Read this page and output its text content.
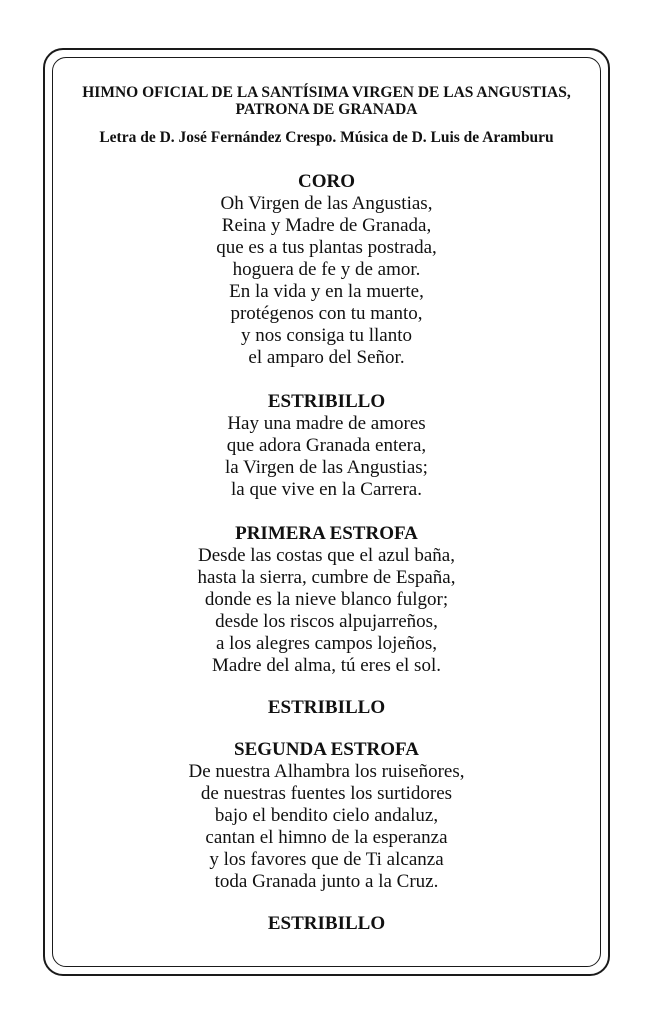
HIMNO OFICIAL DE LA SANTÍSIMA VIRGEN DE LAS ANGUSTIAS,
PATRONA DE GRANADA
Letra de D. José Fernández Crespo. Música de D. Luis de Aramburu
CORO
Oh Virgen de las Angustias,
Reina y Madre de Granada,
que es a tus plantas postrada,
hoguera de fe y de amor.
En la vida y en la muerte,
protégenos con tu manto,
y nos consiga tu llanto
el amparo del Señor.
ESTRIBILLO
Hay una madre de amores
que adora Granada entera,
la Virgen de las Angustias;
la que vive en la Carrera.
PRIMERA ESTROFA
Desde las costas que el azul baña,
hasta la sierra, cumbre de España,
donde es la nieve blanco fulgor;
desde los riscos alpujarreños,
a los alegres campos lojeños,
Madre del alma, tú eres el sol.
ESTRIBILLO
SEGUNDA ESTROFA
De nuestra Alhambra los ruiseñores,
de nuestras fuentes los surtidores
bajo el bendito cielo andaluz,
cantan el himno de la esperanza
y los favores que de Ti alcanza
toda Granada junto a la Cruz.
ESTRIBILLO
